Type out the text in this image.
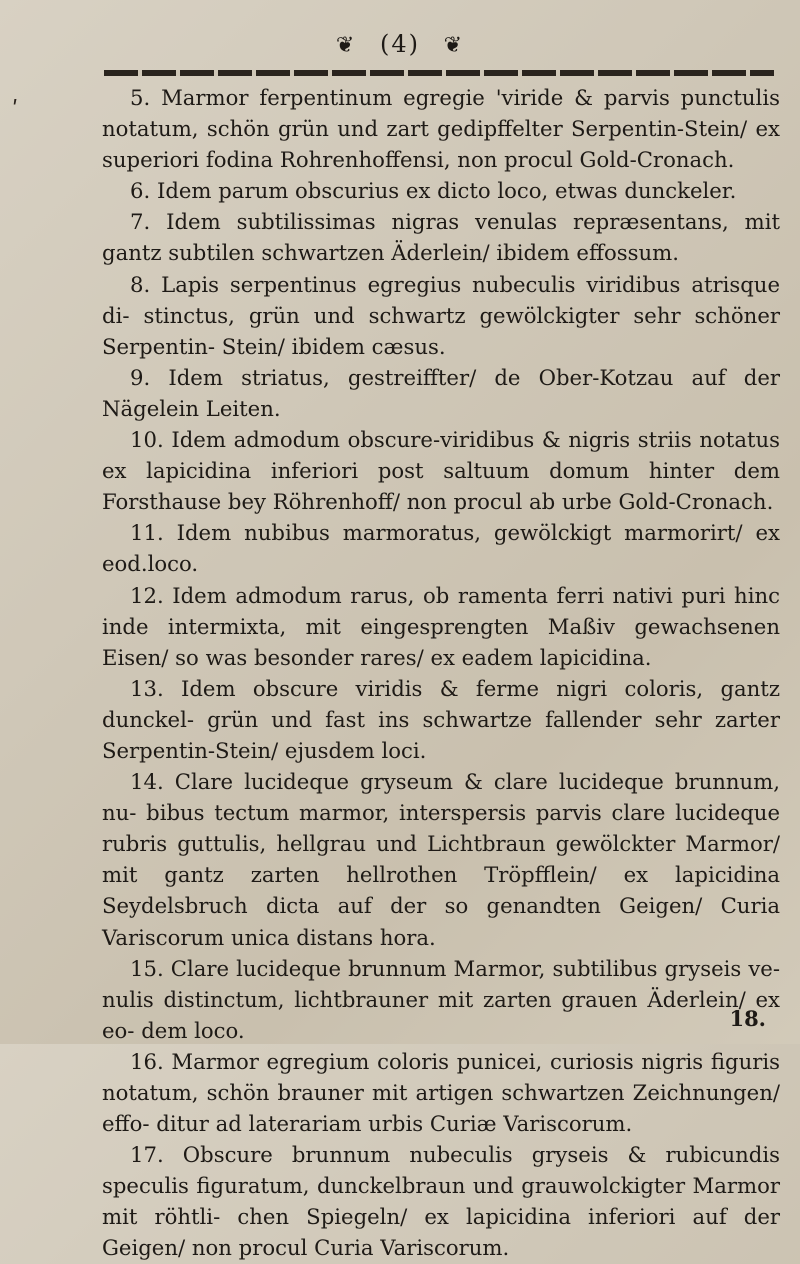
ʹ
❦ (4) ❦

5. Marmor ferpentinum egregie 'viride & parvis punctulis notatum, schön grün und zart gedipffelter Serpentin-Stein/ ex superiori fodina Rohrenhoffensi, non procul Gold-Cronach.

6. Idem parum obscurius ex dicto loco, etwas dunckeler.

7. Idem subtilissimas nigras venulas repræsentans, mit gantz subtilen schwartzen Äderlein/ ibidem effossum.

8. Lapis serpentinus egregius nubeculis viridibus atrisque di- stinctus, grün und schwartz gewölckigter sehr schöner Serpentin- Stein/ ibidem cæsus.

9. Idem striatus, gestreiffter/ de Ober-Kotzau auf der Nägelein Leiten.

10. Idem admodum obscure-viridibus & nigris striis notatus ex lapicidina inferiori post saltuum domum hinter dem Forsthause bey Röhrenhoff/ non procul ab urbe Gold-Cronach.

11. Idem nubibus marmoratus, gewölckigt marmorirt/ ex eod.loco.

12. Idem admodum rarus, ob ramenta ferri nativi puri hinc inde intermixta, mit eingesprengten Maßiv gewachsenen Eisen/ so was besonder rares/ ex eadem lapicidina.

13. Idem obscure viridis & ferme nigri coloris, gantz dunckel- grün und fast ins schwartze fallender sehr zarter Serpentin-Stein/ ejusdem loci.

14. Clare lucideque gryseum & clare lucideque brunnum, nu- bibus tectum marmor, interspersis parvis clare lucideque rubris guttulis, hellgrau und Lichtbraun gewölckter Marmor/ mit gantz zarten hellrothen Tröpfflein/ ex lapicidina Seydelsbruch dicta auf der so genandten Geigen/ Curia Variscorum unica distans hora.

15. Clare lucideque brunnum Marmor, subtilibus gryseis ve- nulis distinctum, lichtbrauner mit zarten grauen Äderlein/ ex eo- dem loco.

16. Marmor egregium coloris punicei, curiosis nigris figuris notatum, schön brauner mit artigen schwartzen Zeichnungen/ effo- ditur ad laterariam urbis Curiæ Variscorum.

17. Obscure brunnum nubeculis gryseis & rubicundis speculis figuratum, dunckelbraun und grauwolckigter Marmor mit röhtli- chen Spiegeln/ ex lapicidina inferiori auf der Geigen/ non procul Curia Variscorum.

18.
